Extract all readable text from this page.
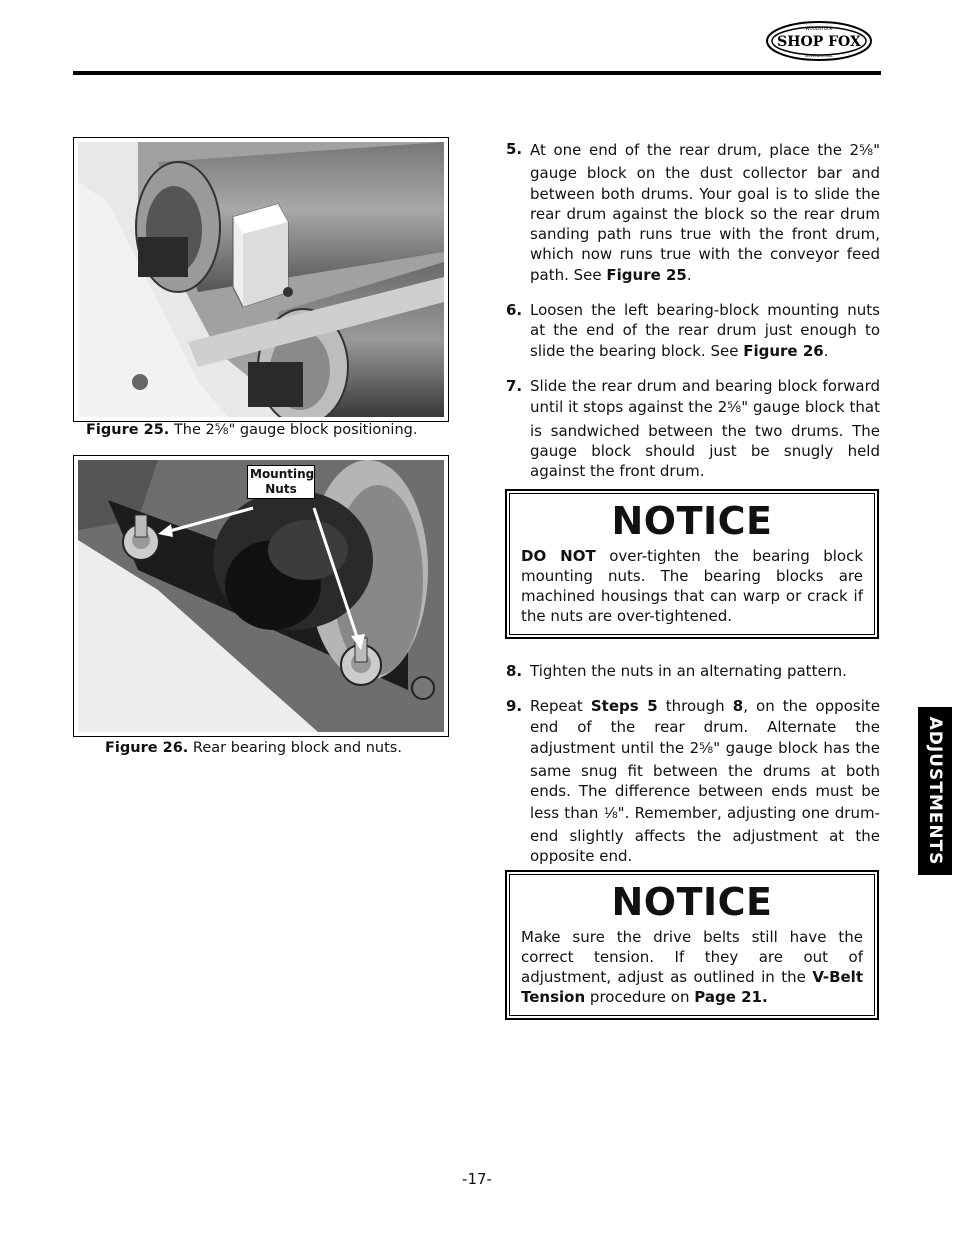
WOODSTOCK
SHOP FOX
INTERNATIONAL
Figure 25. The $2^5⁄8$" gauge block positioning.
Mounting
Nuts
Figure 26. Rear bearing block and nuts.
5. At one end of the rear drum, place the $2^5⁄8$" gauge block on the dust collector bar and between both drums. Your goal is to slide the rear drum against the block so the rear drum sanding path runs true with the front drum, which now runs true with the conveyor feed path. See Figure 25.
6. Loosen the left bearing-block mounting nuts at the end of the rear drum just enough to slide the bearing block. See Figure 26.
7. Slide the rear drum and bearing block forward until it stops against the $2^5⁄8$" gauge block that is sandwiched between the two drums. The gauge block should just be snugly held against the front drum.
NOTICE

DO NOT over-tighten the bearing block mounting nuts. The bearing blocks are machined housings that can warp or crack if the nuts are over-tightened.

8. Tighten the nuts in an alternating pattern.
9. Repeat Steps 5 through 8, on the opposite end of the rear drum. Alternate the adjustment until the $2^5⁄8$" gauge block has the same snug fit between the drums at both ends. The difference between ends must be less than $^1$⁄8". Remember, adjusting one drum-end slightly affects the adjustment at the opposite end.
NOTICE

Make sure the drive belts still have the correct tension. If they are out of adjustment, adjust as outlined in the V-Belt Tension procedure on Page 21.

ADJUSTMENTS
-17-
